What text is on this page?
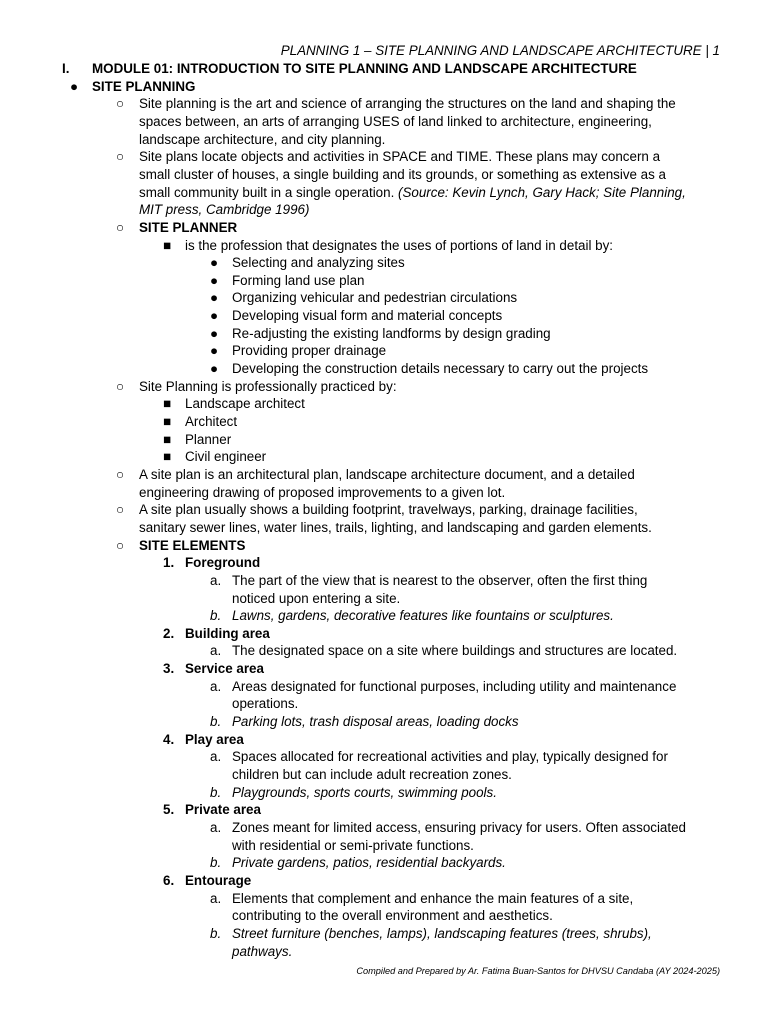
PLANNING 1 – SITE PLANNING AND LANDSCAPE ARCHITECTURE | 1
I. MODULE 01: INTRODUCTION TO SITE PLANNING AND LANDSCAPE ARCHITECTURE
● SITE PLANNING
○ Site planning is the art and science of arranging the structures on the land and shaping the
spaces between, an arts of arranging USES of land linked to architecture, engineering,
landscape architecture, and city planning.
○ Site plans locate objects and activities in SPACE and TIME. These plans may concern a
small cluster of houses, a single building and its grounds, or something as extensive as a
small community built in a single operation. (Source: Kevin Lynch, Gary Hack; Site Planning,
MIT press, Cambridge 1996)
○ SITE PLANNER
■ is the profession that designates the uses of portions of land in detail by:
● Selecting and analyzing sites
● Forming land use plan
● Organizing vehicular and pedestrian circulations
● Developing visual form and material concepts
● Re-adjusting the existing landforms by design grading
● Providing proper drainage
● Developing the construction details necessary to carry out the projects
○ Site Planning is professionally practiced by:
■ Landscape architect
■ Architect
■ Planner
■ Civil engineer
○ A site plan is an architectural plan, landscape architecture document, and a detailed
engineering drawing of proposed improvements to a given lot.
○ A site plan usually shows a building footprint, travelways, parking, drainage facilities,
sanitary sewer lines, water lines, trails, lighting, and landscaping and garden elements.
○ SITE ELEMENTS
1. Foreground
a. The part of the view that is nearest to the observer, often the first thing
noticed upon entering a site.
b. Lawns, gardens, decorative features like fountains or sculptures.
2. Building area
a. The designated space on a site where buildings and structures are located.
3. Service area
a. Areas designated for functional purposes, including utility and maintenance
operations.
b. Parking lots, trash disposal areas, loading docks
4. Play area
a. Spaces allocated for recreational activities and play, typically designed for
children but can include adult recreation zones.
b. Playgrounds, sports courts, swimming pools.
5. Private area
a. Zones meant for limited access, ensuring privacy for users. Often associated
with residential or semi-private functions.
b. Private gardens, patios, residential backyards.
6. Entourage
a. Elements that complement and enhance the main features of a site,
contributing to the overall environment and aesthetics.
b. Street furniture (benches, lamps), landscaping features (trees, shrubs),
pathways.
Compiled and Prepared by Ar. Fatima Buan-Santos for DHVSU Candaba (AY 2024-2025)
